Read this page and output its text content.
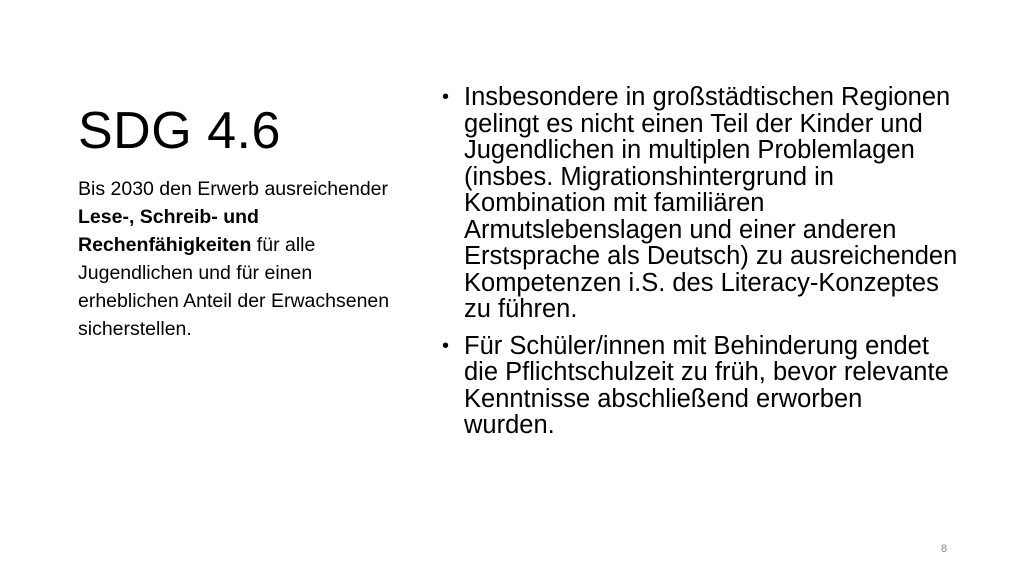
SDG 4.6

Bis 2030 den Erwerb ausreichender Lese-, Schreib- und Rechenfähigkeiten für alle Jugendlichen und für einen erheblichen Anteil der Erwachsenen sicherstellen.

• Insbesondere in großstädtischen Regionen gelingt es nicht einen Teil der Kinder und Jugendlichen in multiplen Problemlagen (insbes. Migrationshintergrund in Kombination mit familiären Armutslebenslagen und einer anderen Erstsprache als Deutsch) zu ausreichenden Kompetenzen i.S. des Literacy-Konzeptes zu führen.
• Für Schüler/innen mit Behinderung endet die Pflichtschulzeit zu früh, bevor relevante Kenntnisse abschließend erworben wurden.
8
